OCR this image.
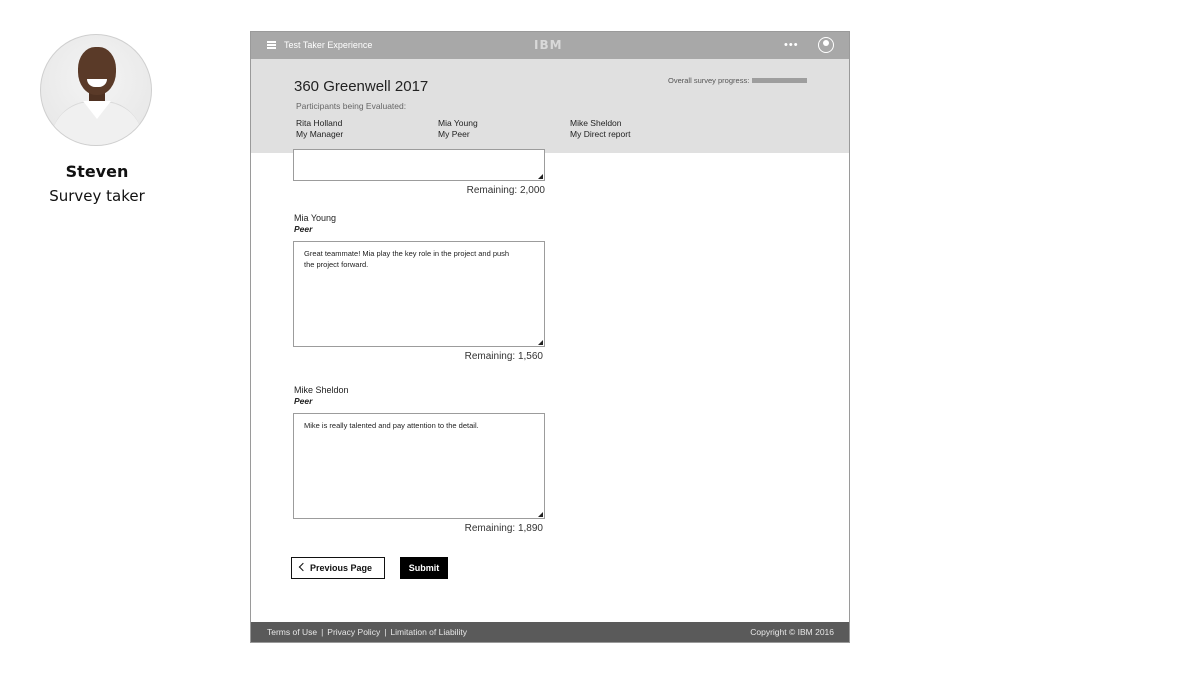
Steven
Survey taker
Test Taker Experience	IBM	•••
360 Greenwell 2017
Participants being Evaluated:
Rita Holland
My Manager
Mia Young
My Peer
Mike Sheldon
My Direct report
Overall survey progress:
Remaining: 2,000
Mia Young
Peer
Great teammate! Mia play the key role in the project and push the project forward.
Remaining: 1,560
Mike Sheldon
Peer
Mike is really talented and pay attention to the detail.
Remaining: 1,890
Previous Page	Submit
Terms of Use | Privacy Policy | Limitation of Liability	Copyright © IBM 2016
